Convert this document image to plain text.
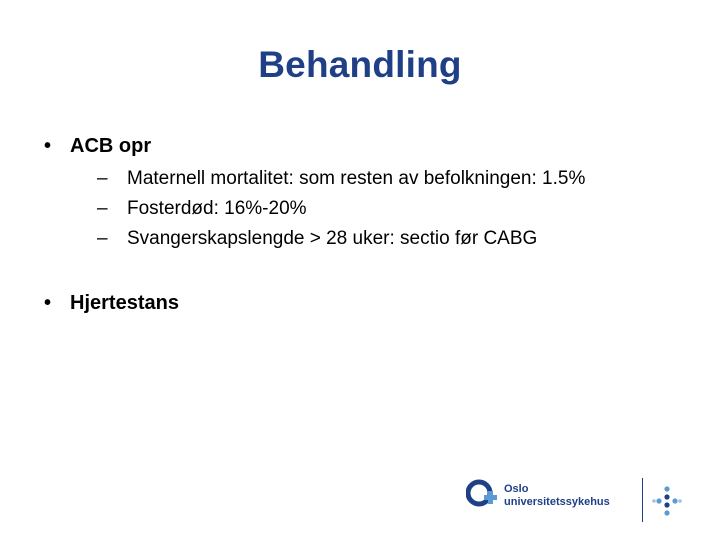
Behandling
• ACB opr
– Maternell mortalitet: som resten av befolkningen: 1.5%
– Fosterdød: 16%-20%
– Svangerskapslengde > 28 uker: sectio før CABG
• Hjertestans
Oslo
universitetssykehus
